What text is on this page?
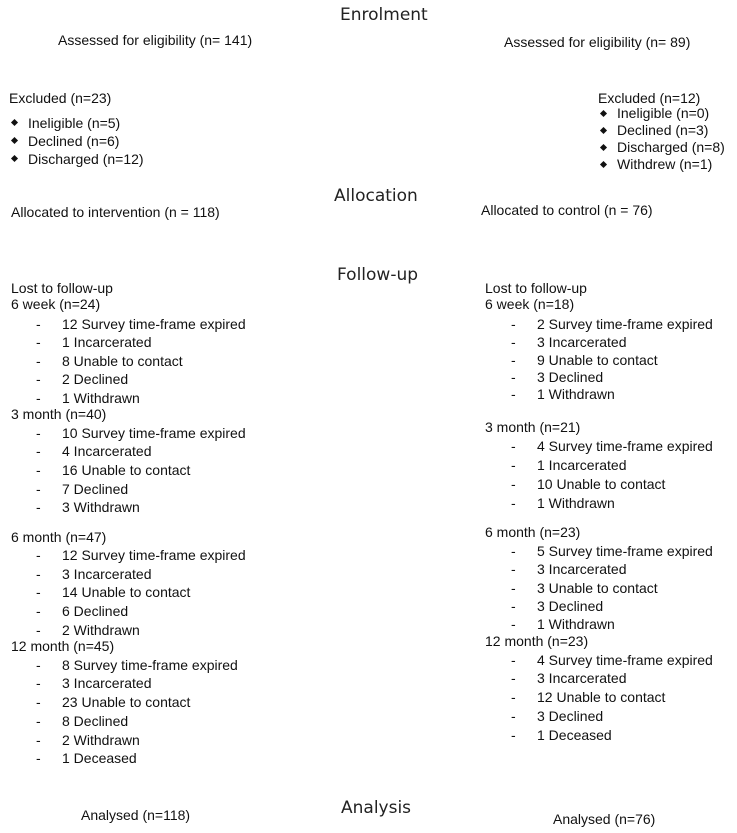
Enrolment
Allocation
Follow-up
Analysis
Assessed for eligibility (n= 141)
Excluded (n=23)
Ineligible (n=5)
Declined (n=6)
Discharged (n=12)
Assessed for eligibility (n= 89)
Excluded (n=12)
Ineligible (n=0)
Declined (n=3)
Discharged (n=8)
Withdrew (n=1)
Allocated to intervention (n = 118)	Allocated to control (n = 76)
Lost to follow-up
6 week (n=24)
- 12 Survey time-frame expired
- 1 Incarcerated
- 8 Unable to contact
- 2 Declined
- 1 Withdrawn
3 month (n=40)
- 10 Survey time-frame expired
- 4 Incarcerated
- 16 Unable to contact
- 7 Declined
- 3 Withdrawn
6 month (n=47)
- 12 Survey time-frame expired
- 3 Incarcerated
- 14 Unable to contact
- 6 Declined
- 2 Withdrawn
12 month (n=45)
- 8 Survey time-frame expired
- 3 Incarcerated
- 23 Unable to contact
- 8 Declined
- 2 Withdrawn
- 1 Deceased
Lost to follow-up
6 week (n=18)
- 2 Survey time-frame expired
- 3 Incarcerated
- 9 Unable to contact
- 3 Declined
- 1 Withdrawn
3 month (n=21)
- 4 Survey time-frame expired
- 1 Incarcerated
- 10 Unable to contact
- 1 Withdrawn
6 month (n=23)
- 5 Survey time-frame expired
- 3 Incarcerated
- 3 Unable to contact
- 3 Declined
- 1 Withdrawn
12 month (n=23)
- 4 Survey time-frame expired
- 3 Incarcerated
- 12 Unable to contact
- 3 Declined
- 1 Deceased
Analysed (n=118)	Analysed (n=76)
